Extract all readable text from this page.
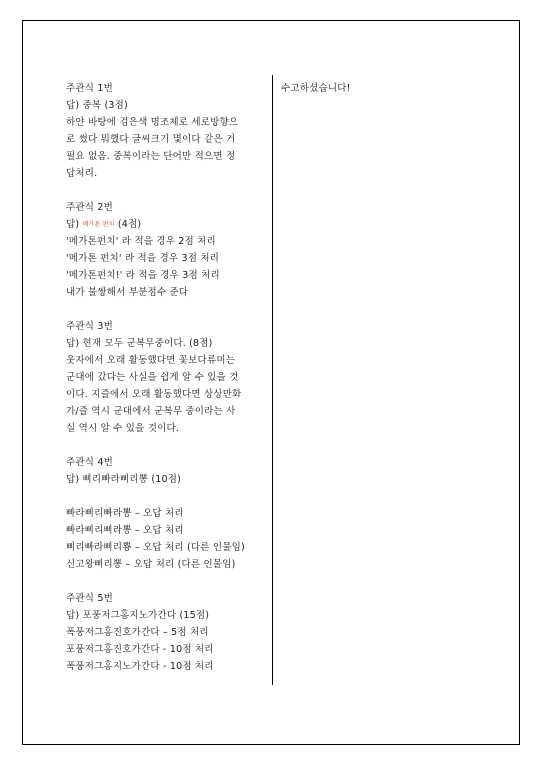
주관식 1번
답) 중복 (3점)
하얀 바탕에 검은색 명조체로 세로방향으
로 썼다 뭐했다 글씨크기 몇이다 같은 거
필요 없음. 중복이라는 단어만 적으면 정
답처리.
주관식 2번
답) 메가톤 펀치 (4점)
'메가톤펀치' 라 적을 경우 2점 처리
'메가톤 펀치' 라 적을 경우 3점 처리
'메가톤펀치!' 라 적을 경우 3점 처리
내가 불쌍해서 부분점수 준다
주관식 3번
답) 현재 모두 군복무중이다. (8점)
웃자에서 오래 활동했다면 꽃보다류미는
군대에 갔다는 사실을 쉽게 알 수 있을 것
이다. 지즐에서 오래 활동했다면 상상만화
가/즐 역시 군대에서 군복무 중이라는 사
실 역시 알 수 있을 것이다.
주관식 4번
답) 삐리빠라삐리뽕 (10점)
빠라삐리빠라뽕 – 오답 처리
빠라삐리삐라뽕 – 오답 처리
삐리빠라삐리뿅 – 오답 처리 (다른 인물임)
신고왕삐리뽕 – 오답 처리 (다른 인물임)
주관식 5번
답) 포풍저그홍지노가간다 (15점)
폭풍저그홍진호가간다 – 5점 처리
포풍저그홍진호가간다 - 10점 처리
폭풍저그홍지노가간다 - 10점 처리
수고하셨습니다!
